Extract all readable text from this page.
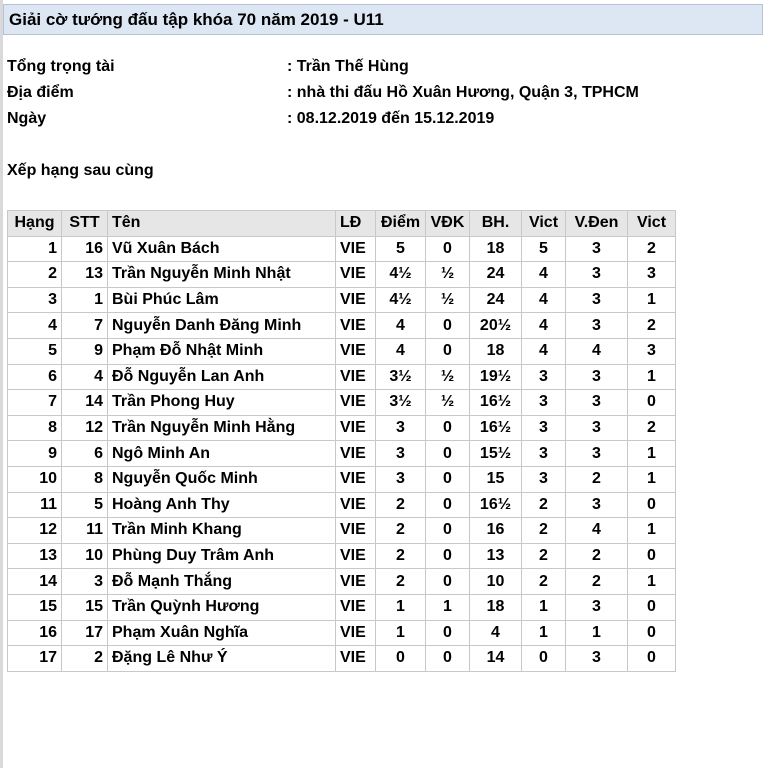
Giải cờ tướng đấu tập khóa 70 năm 2019 - U11
Tổng trọng tài	: Trần Thế Hùng
Địa điểm	: nhà thi đấu Hồ Xuân Hương, Quận 3, TPHCM
Ngày	: 08.12.2019 đến 15.12.2019
Xếp hạng sau cùng
Hạng	STT	Tên	LĐ	Điểm	VĐK	BH.	Vict	V.Đen	Vict
1	16	Vũ Xuân Bách	VIE	5	0	18	5	3	2
2	13	Trần Nguyễn Minh Nhật	VIE	4½	½	24	4	3	3
3	1	Bùi Phúc Lâm	VIE	4½	½	24	4	3	1
4	7	Nguyễn Danh Đăng Minh	VIE	4	0	20½	4	3	2
5	9	Phạm Đỗ Nhật Minh	VIE	4	0	18	4	4	3
6	4	Đỗ Nguyễn Lan Anh	VIE	3½	½	19½	3	3	1
7	14	Trần Phong Huy	VIE	3½	½	16½	3	3	0
8	12	Trần Nguyễn Minh Hằng	VIE	3	0	16½	3	3	2
9	6	Ngô Minh An	VIE	3	0	15½	3	3	1
10	8	Nguyễn Quốc Minh	VIE	3	0	15	3	2	1
11	5	Hoàng Anh Thy	VIE	2	0	16½	2	3	0
12	11	Trần Minh Khang	VIE	2	0	16	2	4	1
13	10	Phùng Duy Trâm Anh	VIE	2	0	13	2	2	0
14	3	Đỗ Mạnh Thắng	VIE	2	0	10	2	2	1
15	15	Trần Quỳnh Hương	VIE	1	1	18	1	3	0
16	17	Phạm Xuân Nghĩa	VIE	1	0	4	1	1	0
17	2	Đặng Lê Như Ý	VIE	0	0	14	0	3	0
